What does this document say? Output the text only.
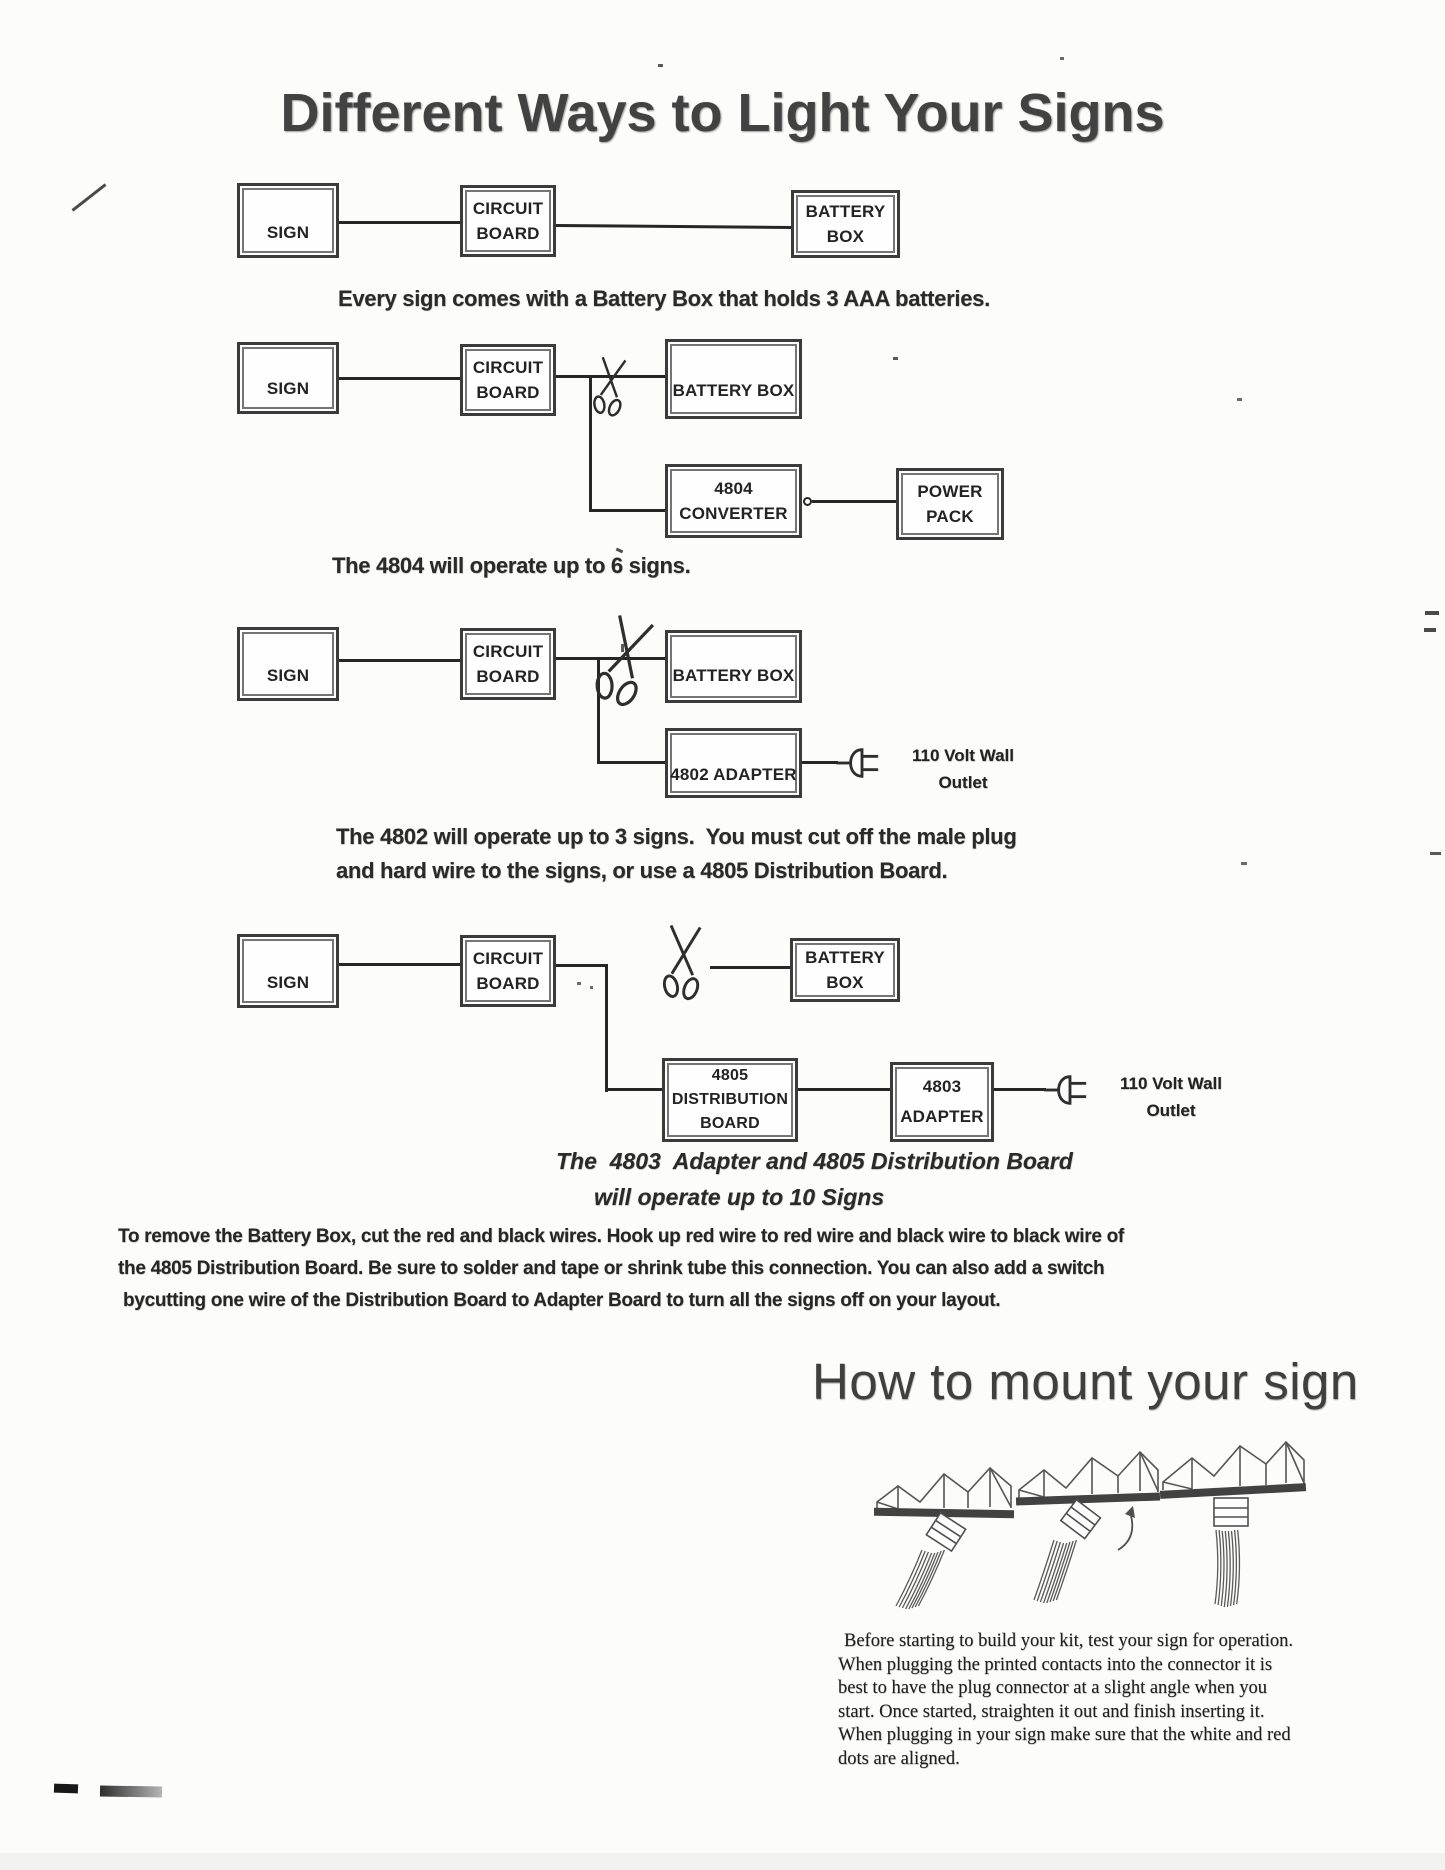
Different Ways to Light Your Signs
SIGN
CIRCUIT
BOARD
BATTERY
BOX
Every sign comes with a Battery Box that holds 3 AAA batteries.
SIGN
CIRCUIT
BOARD	BATTERY BOX
4804
CONVERTER
POWER
PACK
The 4804 will operate up to 6 signs.
SIGN
CIRCUIT
BOARD	BATTERY BOX
4802 ADAPTER
110 Volt Wall
Outlet
The 4802 will operate up to 3 signs.  You must cut off the male plug
and hard wire to the signs, or use a 4805 Distribution Board.
SIGN
CIRCUIT
BOARD
BATTERY
BOX
4805
DISTRIBUTION
BOARD
4803
ADAPTER
110 Volt Wall
Outlet
The  4803  Adapter and 4805 Distribution Board
will operate up to 10 Signs
To remove the Battery Box, cut the red and black wires. Hook up red wire to red wire and black wire to black wire of
the 4805 Distribution Board. Be sure to solder and tape or shrink tube this connection. You can also add a switch
bycutting one wire of the Distribution Board to Adapter Board to turn all the signs off on your layout.
How to mount your sign
Before starting to build your kit, test your sign for operation.
When plugging the printed contacts into the connector it is
best to have the plug connector at a slight angle when you
start. Once started, straighten it out and finish inserting it.
When plugging in your sign make sure that the white and red
dots are aligned.
